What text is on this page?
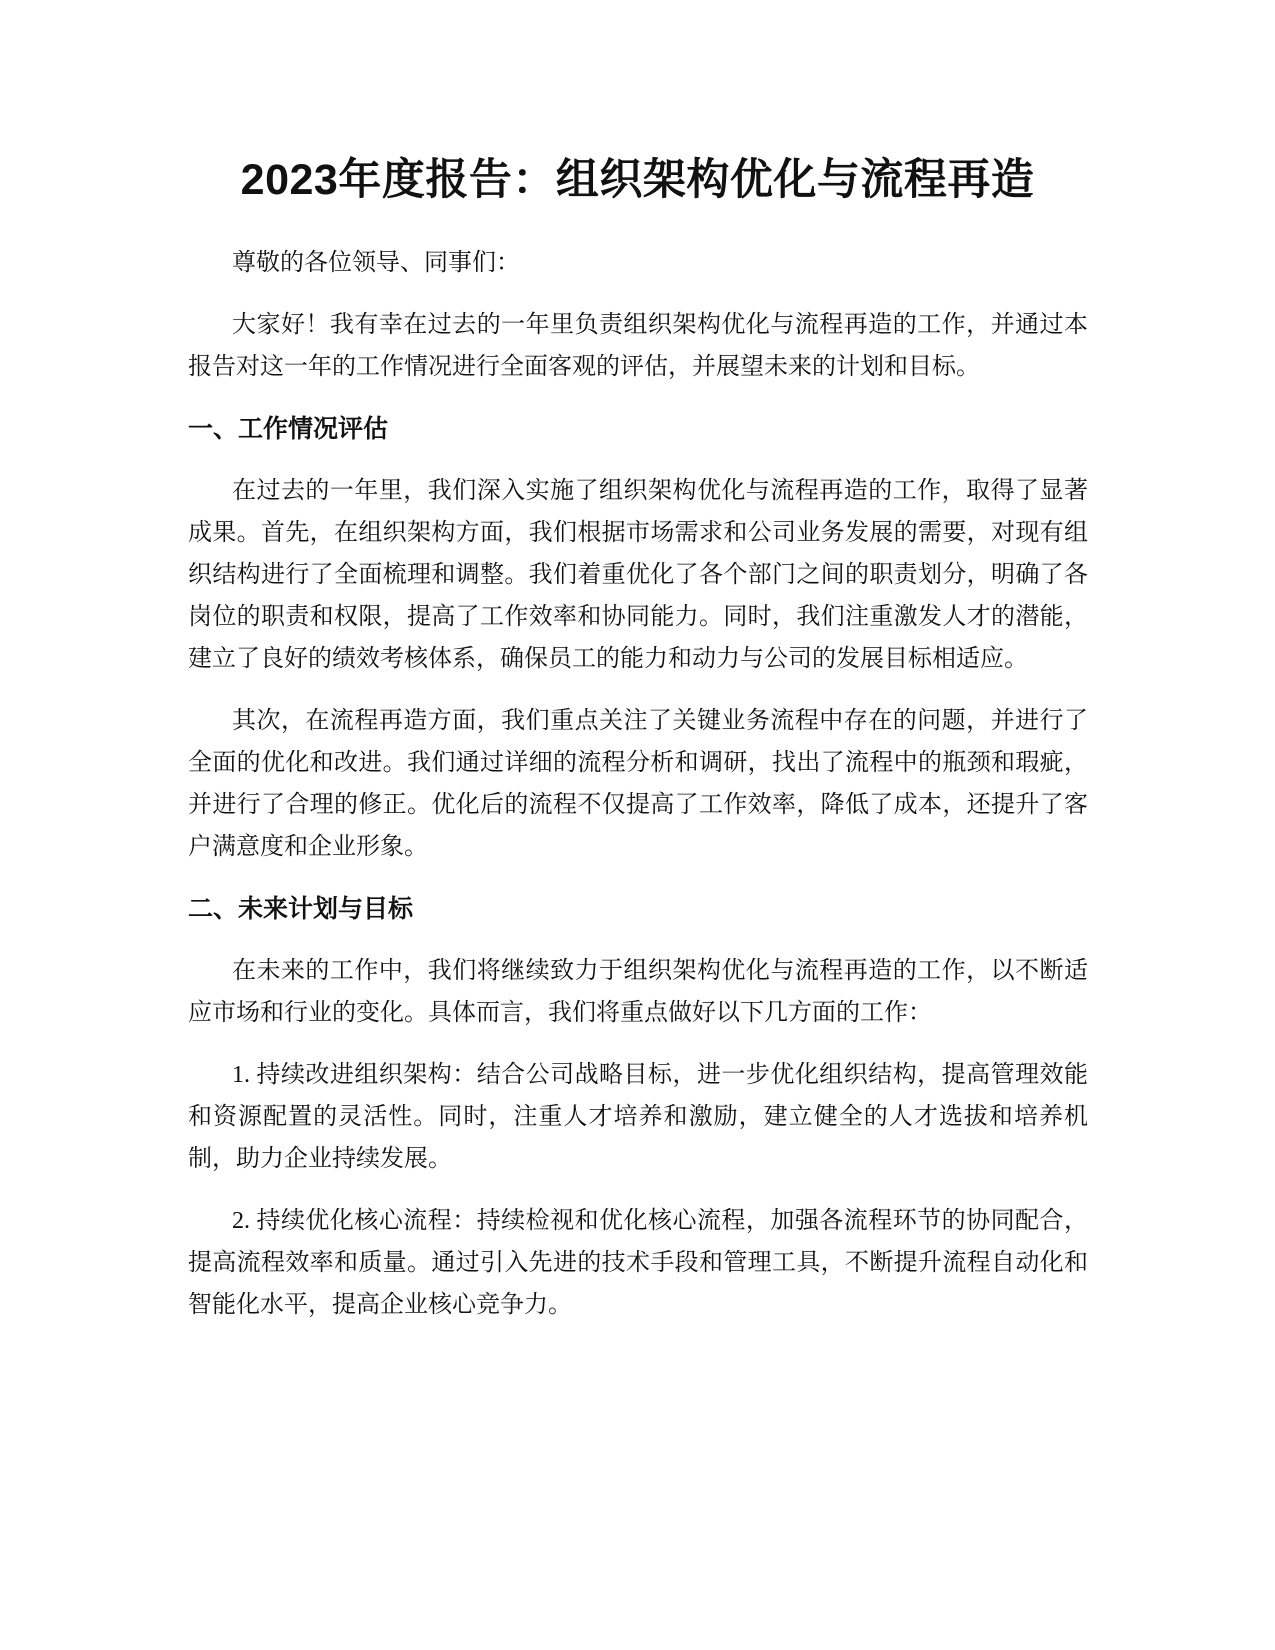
2023年度报告：组织架构优化与流程再造

尊敬的各位领导、同事们：

大家好！我有幸在过去的一年里负责组织架构优化与流程再造的工作，并通过本报告对这一年的工作情况进行全面客观的评估，并展望未来的计划和目标。

一、工作情况评估

在过去的一年里，我们深入实施了组织架构优化与流程再造的工作，取得了显著成果。首先，在组织架构方面，我们根据市场需求和公司业务发展的需要，对现有组织结构进行了全面梳理和调整。我们着重优化了各个部门之间的职责划分，明确了各岗位的职责和权限，提高了工作效率和协同能力。同时，我们注重激发人才的潜能，建立了良好的绩效考核体系，确保员工的能力和动力与公司的发展目标相适应。

其次，在流程再造方面，我们重点关注了关键业务流程中存在的问题，并进行了全面的优化和改进。我们通过详细的流程分析和调研，找出了流程中的瓶颈和瑕疵，并进行了合理的修正。优化后的流程不仅提高了工作效率，降低了成本，还提升了客户满意度和企业形象。

二、未来计划与目标

在未来的工作中，我们将继续致力于组织架构优化与流程再造的工作，以不断适应市场和行业的变化。具体而言，我们将重点做好以下几方面的工作：

1. 持续改进组织架构：结合公司战略目标，进一步优化组织结构，提高管理效能和资源配置的灵活性。同时，注重人才培养和激励，建立健全的人才选拔和培养机制，助力企业持续发展。

2. 持续优化核心流程：持续检视和优化核心流程，加强各流程环节的协同配合，提高流程效率和质量。通过引入先进的技术手段和管理工具，不断提升流程自动化和智能化水平，提高企业核心竞争力。
